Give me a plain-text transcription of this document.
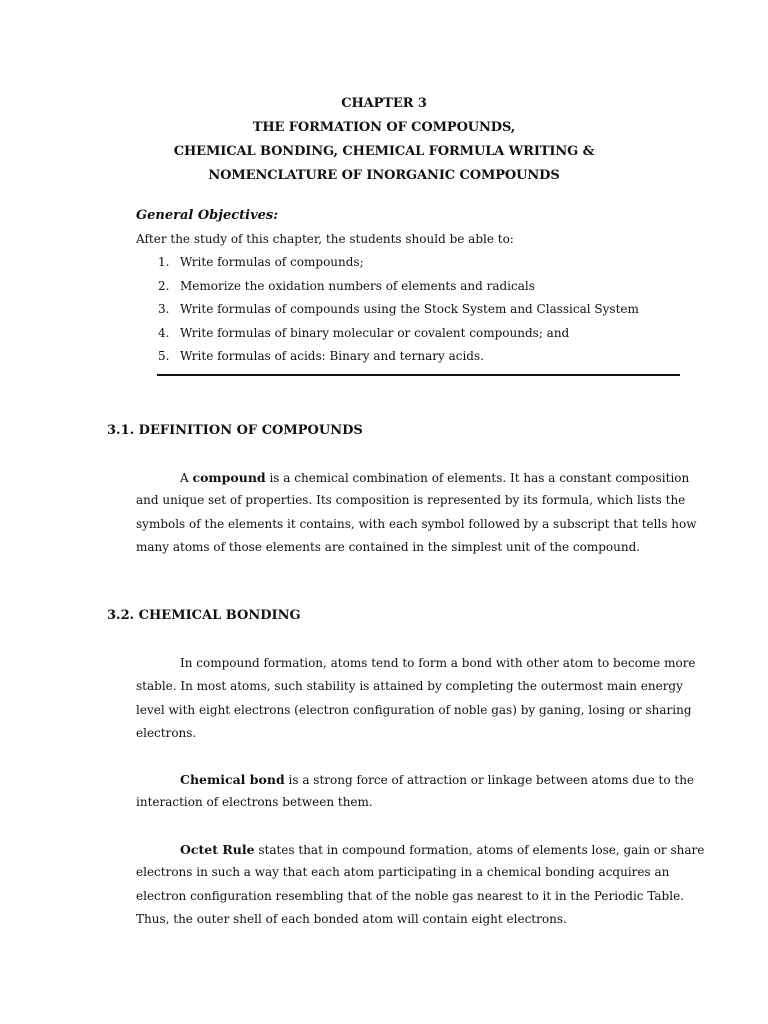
CHAPTER 3
THE FORMATION OF COMPOUNDS,
CHEMICAL BONDING, CHEMICAL FORMULA WRITING &
NOMENCLATURE OF INORGANIC COMPOUNDS
General Objectives:
After the study of this chapter, the students should be able to:
1. Write formulas of compounds;
2. Memorize the oxidation numbers of elements and radicals
3. Write formulas of compounds using the Stock System and Classical System
4. Write formulas of binary molecular or covalent compounds; and
5. Write formulas of acids: Binary and ternary acids.
3.1. DEFINITION OF COMPOUNDS
A compound is a chemical combination of elements. It has a constant composition
and unique set of properties. Its composition is represented by its formula, which lists the
symbols of the elements it contains, with each symbol followed by a subscript that tells how
many atoms of those elements are contained in the simplest unit of the compound.
3.2. CHEMICAL BONDING
In compound formation, atoms tend to form a bond with other atom to become more
stable. In most atoms, such stability is attained by completing the outermost main energy
level with eight electrons (electron configuration of noble gas) by ganing, losing or sharing
electrons.
Chemical bond is a strong force of attraction or linkage between atoms due to the
interaction of electrons between them.
Octet Rule states that in compound formation, atoms of elements lose, gain or share
electrons in such a way that each atom participating in a chemical bonding acquires an
electron configuration resembling that of the noble gas nearest to it in the Periodic Table.
Thus, the outer shell of each bonded atom will contain eight electrons.
